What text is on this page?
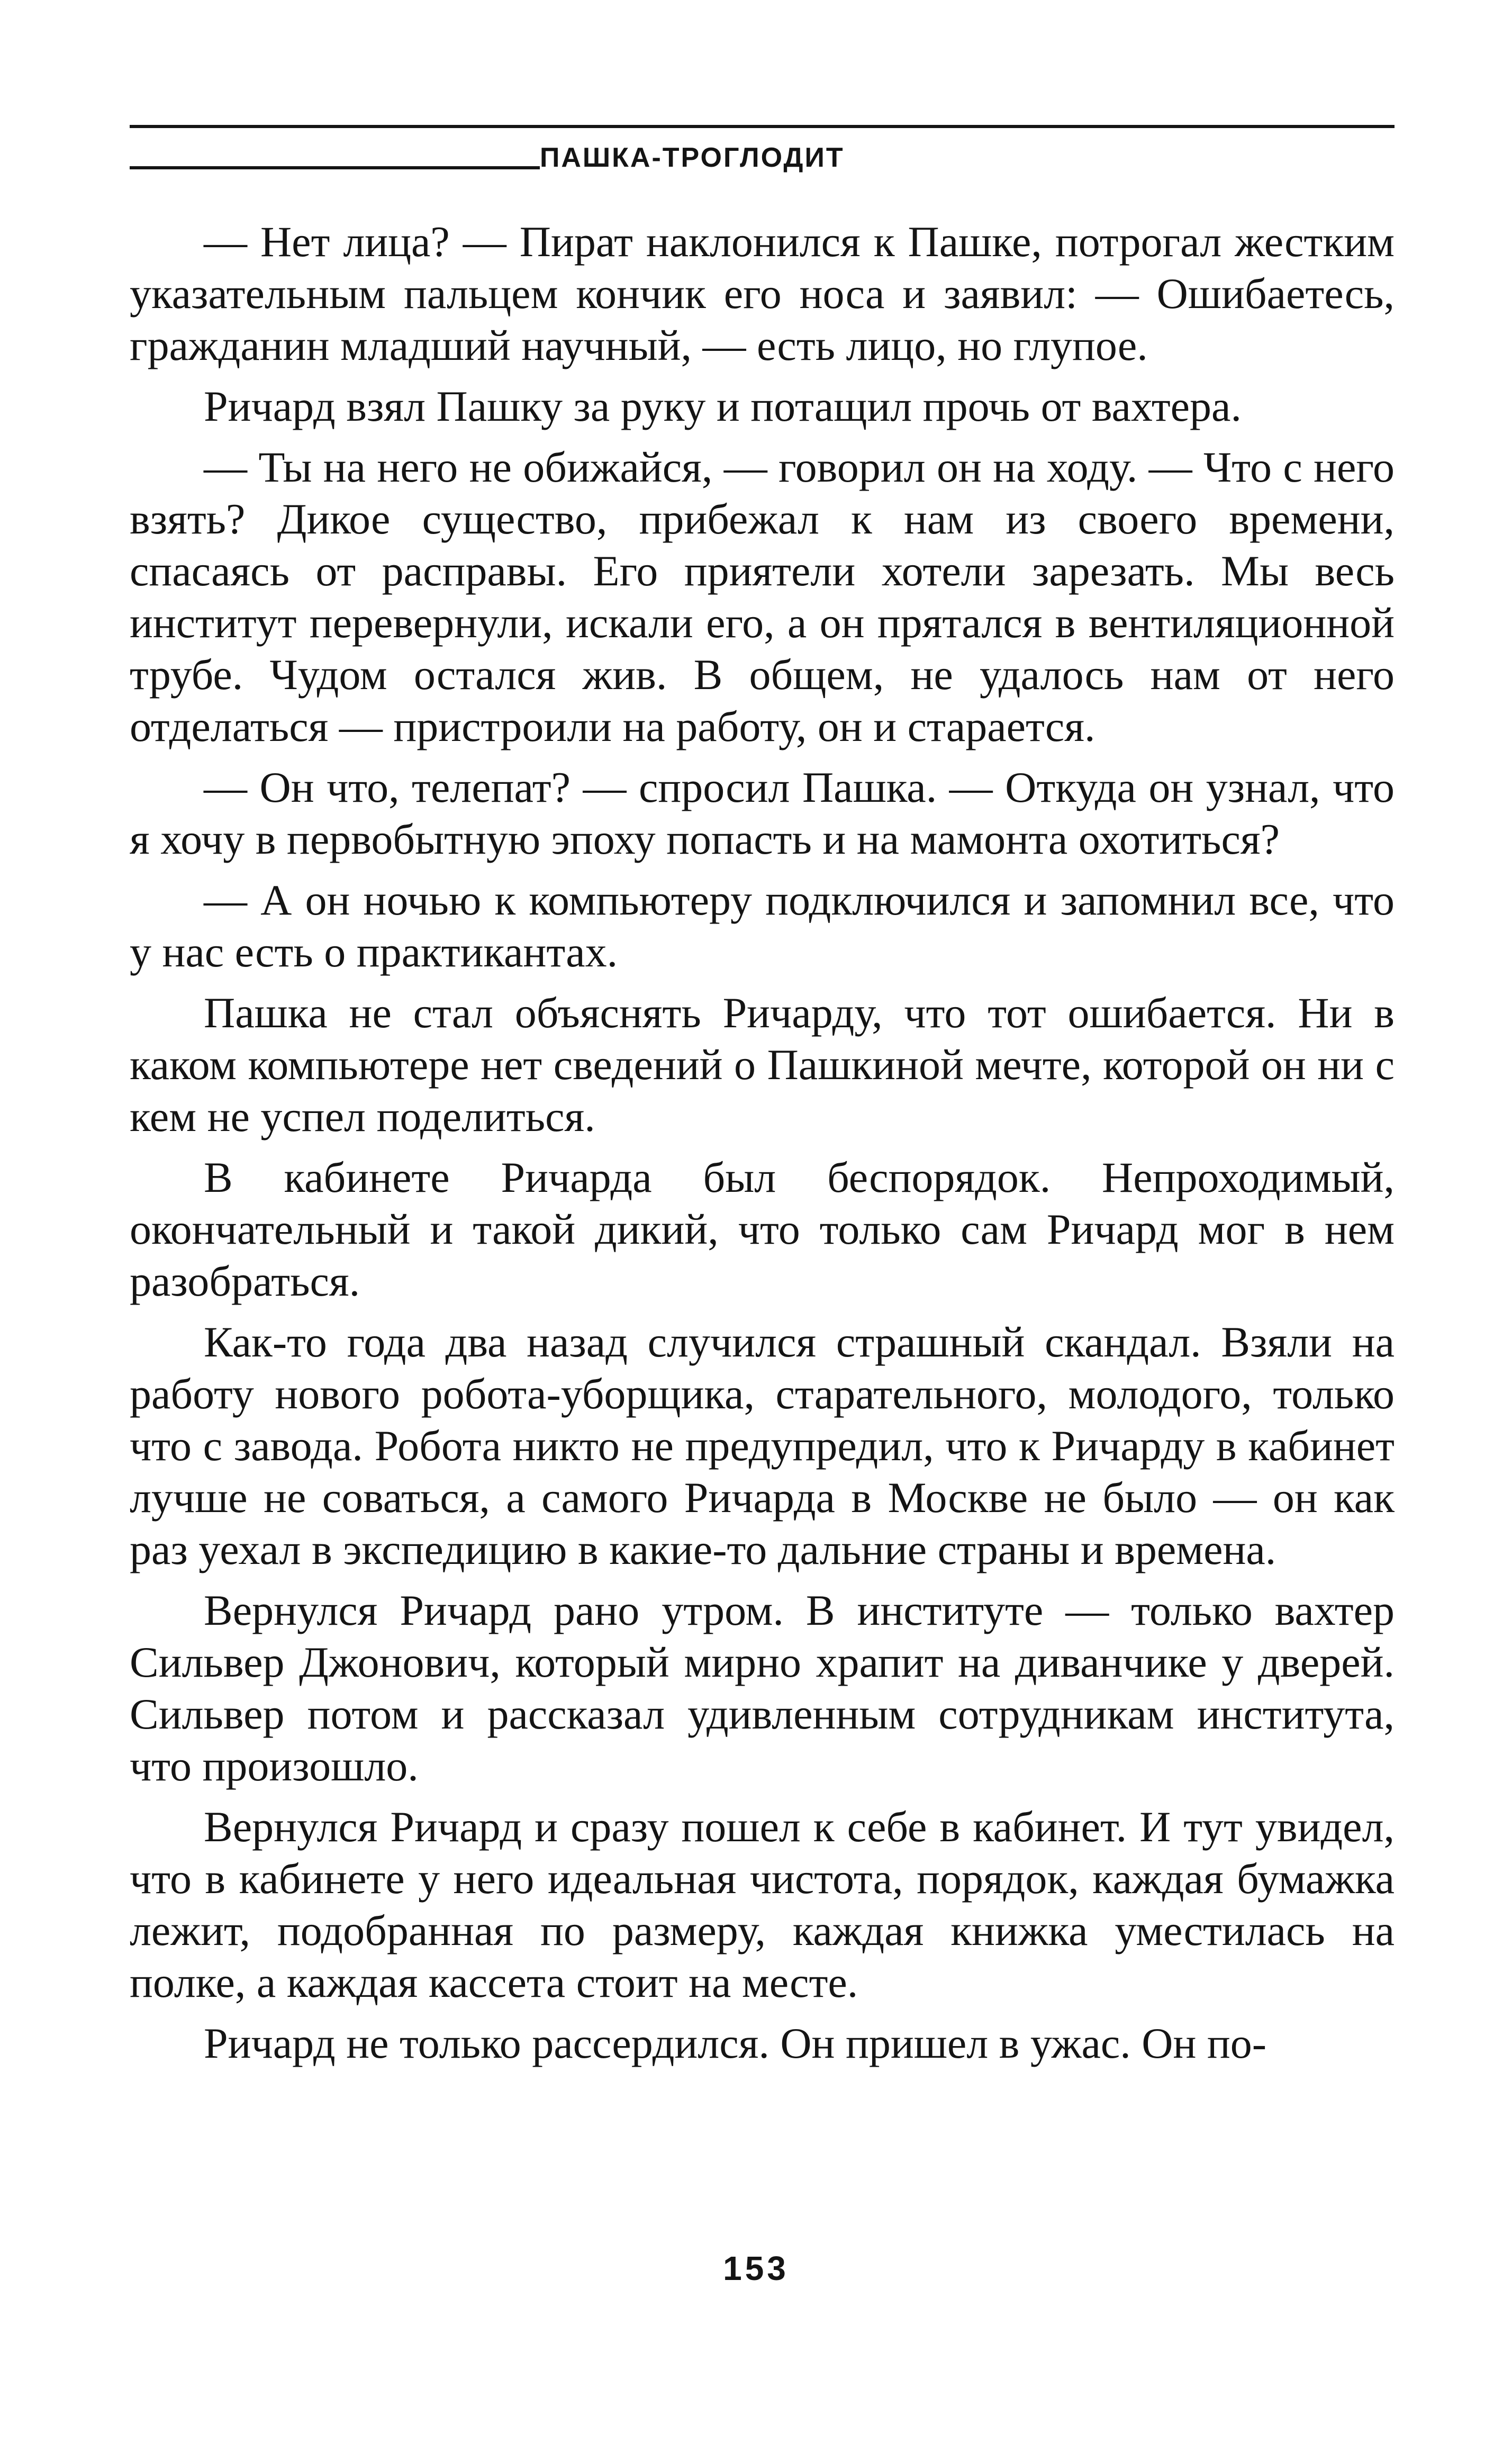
ПАШКА-ТРОГЛОДИТ

— Нет лица? — Пират наклонился к Пашке, потрогал жестким указательным пальцем кончик его носа и заявил: — Ошибаетесь, гражданин младший научный, — есть лицо, но глупое.

Ричард взял Пашку за руку и потащил прочь от вахтера.

— Ты на него не обижайся, — говорил он на ходу. — Что с него взять? Дикое существо, прибежал к нам из своего времени, спасаясь от расправы. Его приятели хотели зарезать. Мы весь институт перевернули, искали его, а он прятался в вентиляционной трубе. Чудом остался жив. В общем, не удалось нам от него отделаться — пристроили на работу, он и старается.

— Он что, телепат? — спросил Пашка. — Откуда он узнал, что я хочу в первобытную эпоху попасть и на мамонта охотиться?

— А он ночью к компьютеру подключился и запомнил все, что у нас есть о практикантах.

Пашка не стал объяснять Ричарду, что тот ошибается. Ни в каком компьютере нет сведений о Пашкиной мечте, которой он ни с кем не успел поделиться.

В кабинете Ричарда был беспорядок. Непроходимый, окончательный и такой дикий, что только сам Ричард мог в нем разобраться.

Как-то года два назад случился страшный скандал. Взяли на работу нового робота-уборщика, старательного, молодого, только что с завода. Робота никто не предупредил, что к Ричарду в кабинет лучше не соваться, а самого Ричарда в Москве не было — он как раз уехал в экспедицию в какие-то дальние страны и времена.

Вернулся Ричард рано утром. В институте — только вахтер Сильвер Джонович, который мирно храпит на диванчике у дверей. Сильвер потом и рассказал удивленным сотрудникам института, что произошло.

Вернулся Ричард и сразу пошел к себе в кабинет. И тут увидел, что в кабинете у него идеальная чистота, порядок, каждая бумажка лежит, подобранная по размеру, каждая книжка уместилась на полке, а каждая кассета стоит на месте.

Ричард не только рассердился. Он пришел в ужас. Он по-

153
